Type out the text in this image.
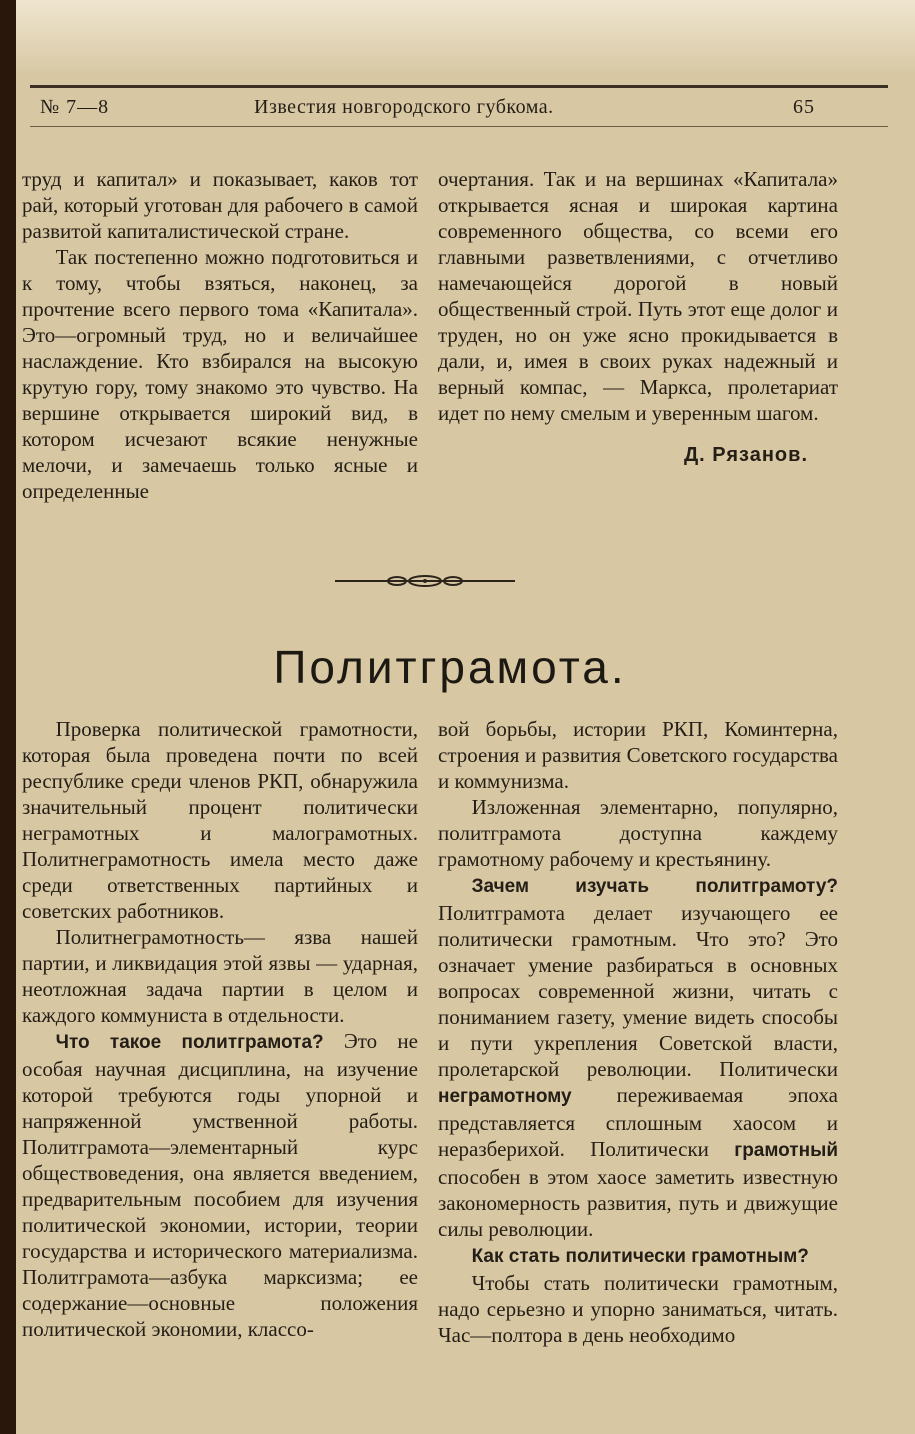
№ 7—8	Известия новгородского губкома.	65

труд и капитал» и показывает, каков тот рай, который уготован для рабочего в самой развитой капиталистической стране.

Так постепенно можно подготовиться и к тому, чтобы взяться, наконец, за прочтение всего первого тома «Капитала». Это—огромный труд, но и величайшее наслаждение. Кто взбирался на высокую крутую гору, тому знакомо это чувство. На вершине открывается широкий вид, в котором исчезают всякие ненужные мелочи, и замечаешь только ясные и определенные

очертания. Так и на вершинах «Капитала» открывается ясная и широкая картина современного общества, со всеми его главными разветвлениями, с отчетливо намечающейся дорогой в новый общественный строй. Путь этот еще долог и труден, но он уже ясно прокидывается в дали, и, имея в своих руках надежный и верный компас, — Маркса, пролетариат идет по нему смелым и уверенным шагом.

Д. Рязанов.

Политграмота.

Проверка политической грамотности, которая была проведена почти по всей республике среди членов РКП, обнаружила значительный процент политически неграмотных и малограмотных. Политнеграмотность имела место даже среди ответственных партийных и советских работников.

Политнеграмотность— язва нашей партии, и ликвидация этой язвы — ударная, неотложная задача партии в целом и каждого коммуниста в отдельности.

Что такое политграмота? Это не особая научная дисциплина, на изучение которой требуются годы упорной и напряженной умственной работы. Политграмота—элементарный курс обществоведения, она является введением, предварительным пособием для изучения политической экономии, истории, теории государства и исторического материализма. Политграмота—азбука марксизма; ее содержание—основные положения политической экономии, классо-

вой борьбы, истории РКП, Коминтерна, строения и развития Советского государства и коммунизма.

Изложенная элементарно, популярно, политграмота доступна каждему грамотному рабочему и крестьянину.

Зачем изучать политграмоту? Политграмота делает изучающего ее политически грамотным. Что это? Это означает умение разбираться в основных вопросах современной жизни, читать с пониманием газету, умение видеть способы и пути укрепления Советской власти, пролетарской революции. Политически неграмотному переживаемая эпоха представляется сплошным хаосом и неразберихой. Политически грамотный способен в этом хаосе заметить известную закономерность развития, путь и движущие силы революции.

Как стать политически грамотным?

Чтобы стать политически грамотным, надо серьезно и упорно заниматься, читать. Час—полтора в день необходимо
